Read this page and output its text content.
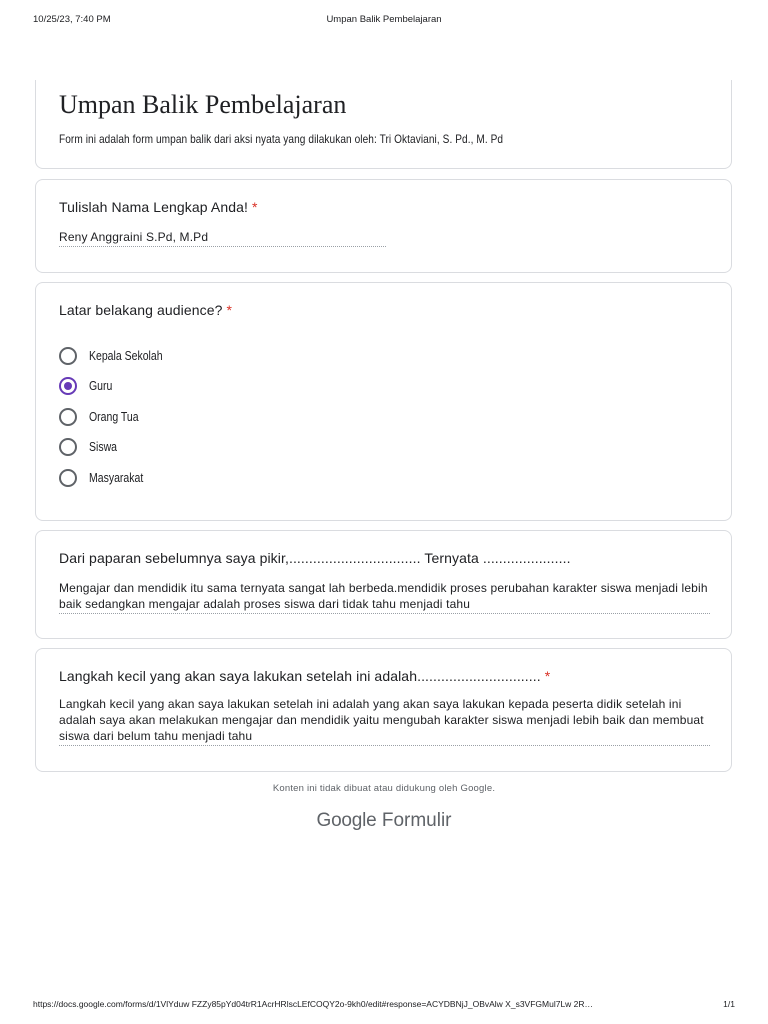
10/25/23, 7:40 PM	Umpan Balik Pembelajaran
Umpan Balik Pembelajaran
Form ini adalah form umpan balik dari aksi nyata yang dilakukan oleh: Tri Oktaviani, S. Pd., M. Pd
Tulislah Nama Lengkap Anda! *
Reny Anggraini S.Pd, M.Pd
Latar belakang audience? *
Kepala Sekolah
Guru
Orang Tua
Siswa
Masyarakat
Dari paparan sebelumnya saya pikir,................................. Ternyata ......................
Mengajar dan mendidik itu sama ternyata sangat lah berbeda.mendidik proses perubahan karakter siswa menjadi lebih baik sedangkan mengajar adalah proses siswa dari tidak tahu menjadi tahu
Langkah kecil yang akan saya lakukan setelah ini adalah............................... *
Langkah kecil yang akan saya lakukan setelah ini adalah yang akan saya lakukan kepada peserta didik setelah ini adalah saya akan melakukan mengajar dan mendidik yaitu mengubah karakter siswa menjadi lebih baik dan membuat siswa dari belum tahu menjadi tahu
Konten ini tidak dibuat atau didukung oleh Google.
Google Formulir
https://docs.google.com/forms/d/1VlYduw FZZy85pYd04trR1AcrHRlscLEfCOQY2o-9kh0/edit#response=ACYDBNjJ_OBvAlw X_s3VFGMul7Lw 2R…	1/1
